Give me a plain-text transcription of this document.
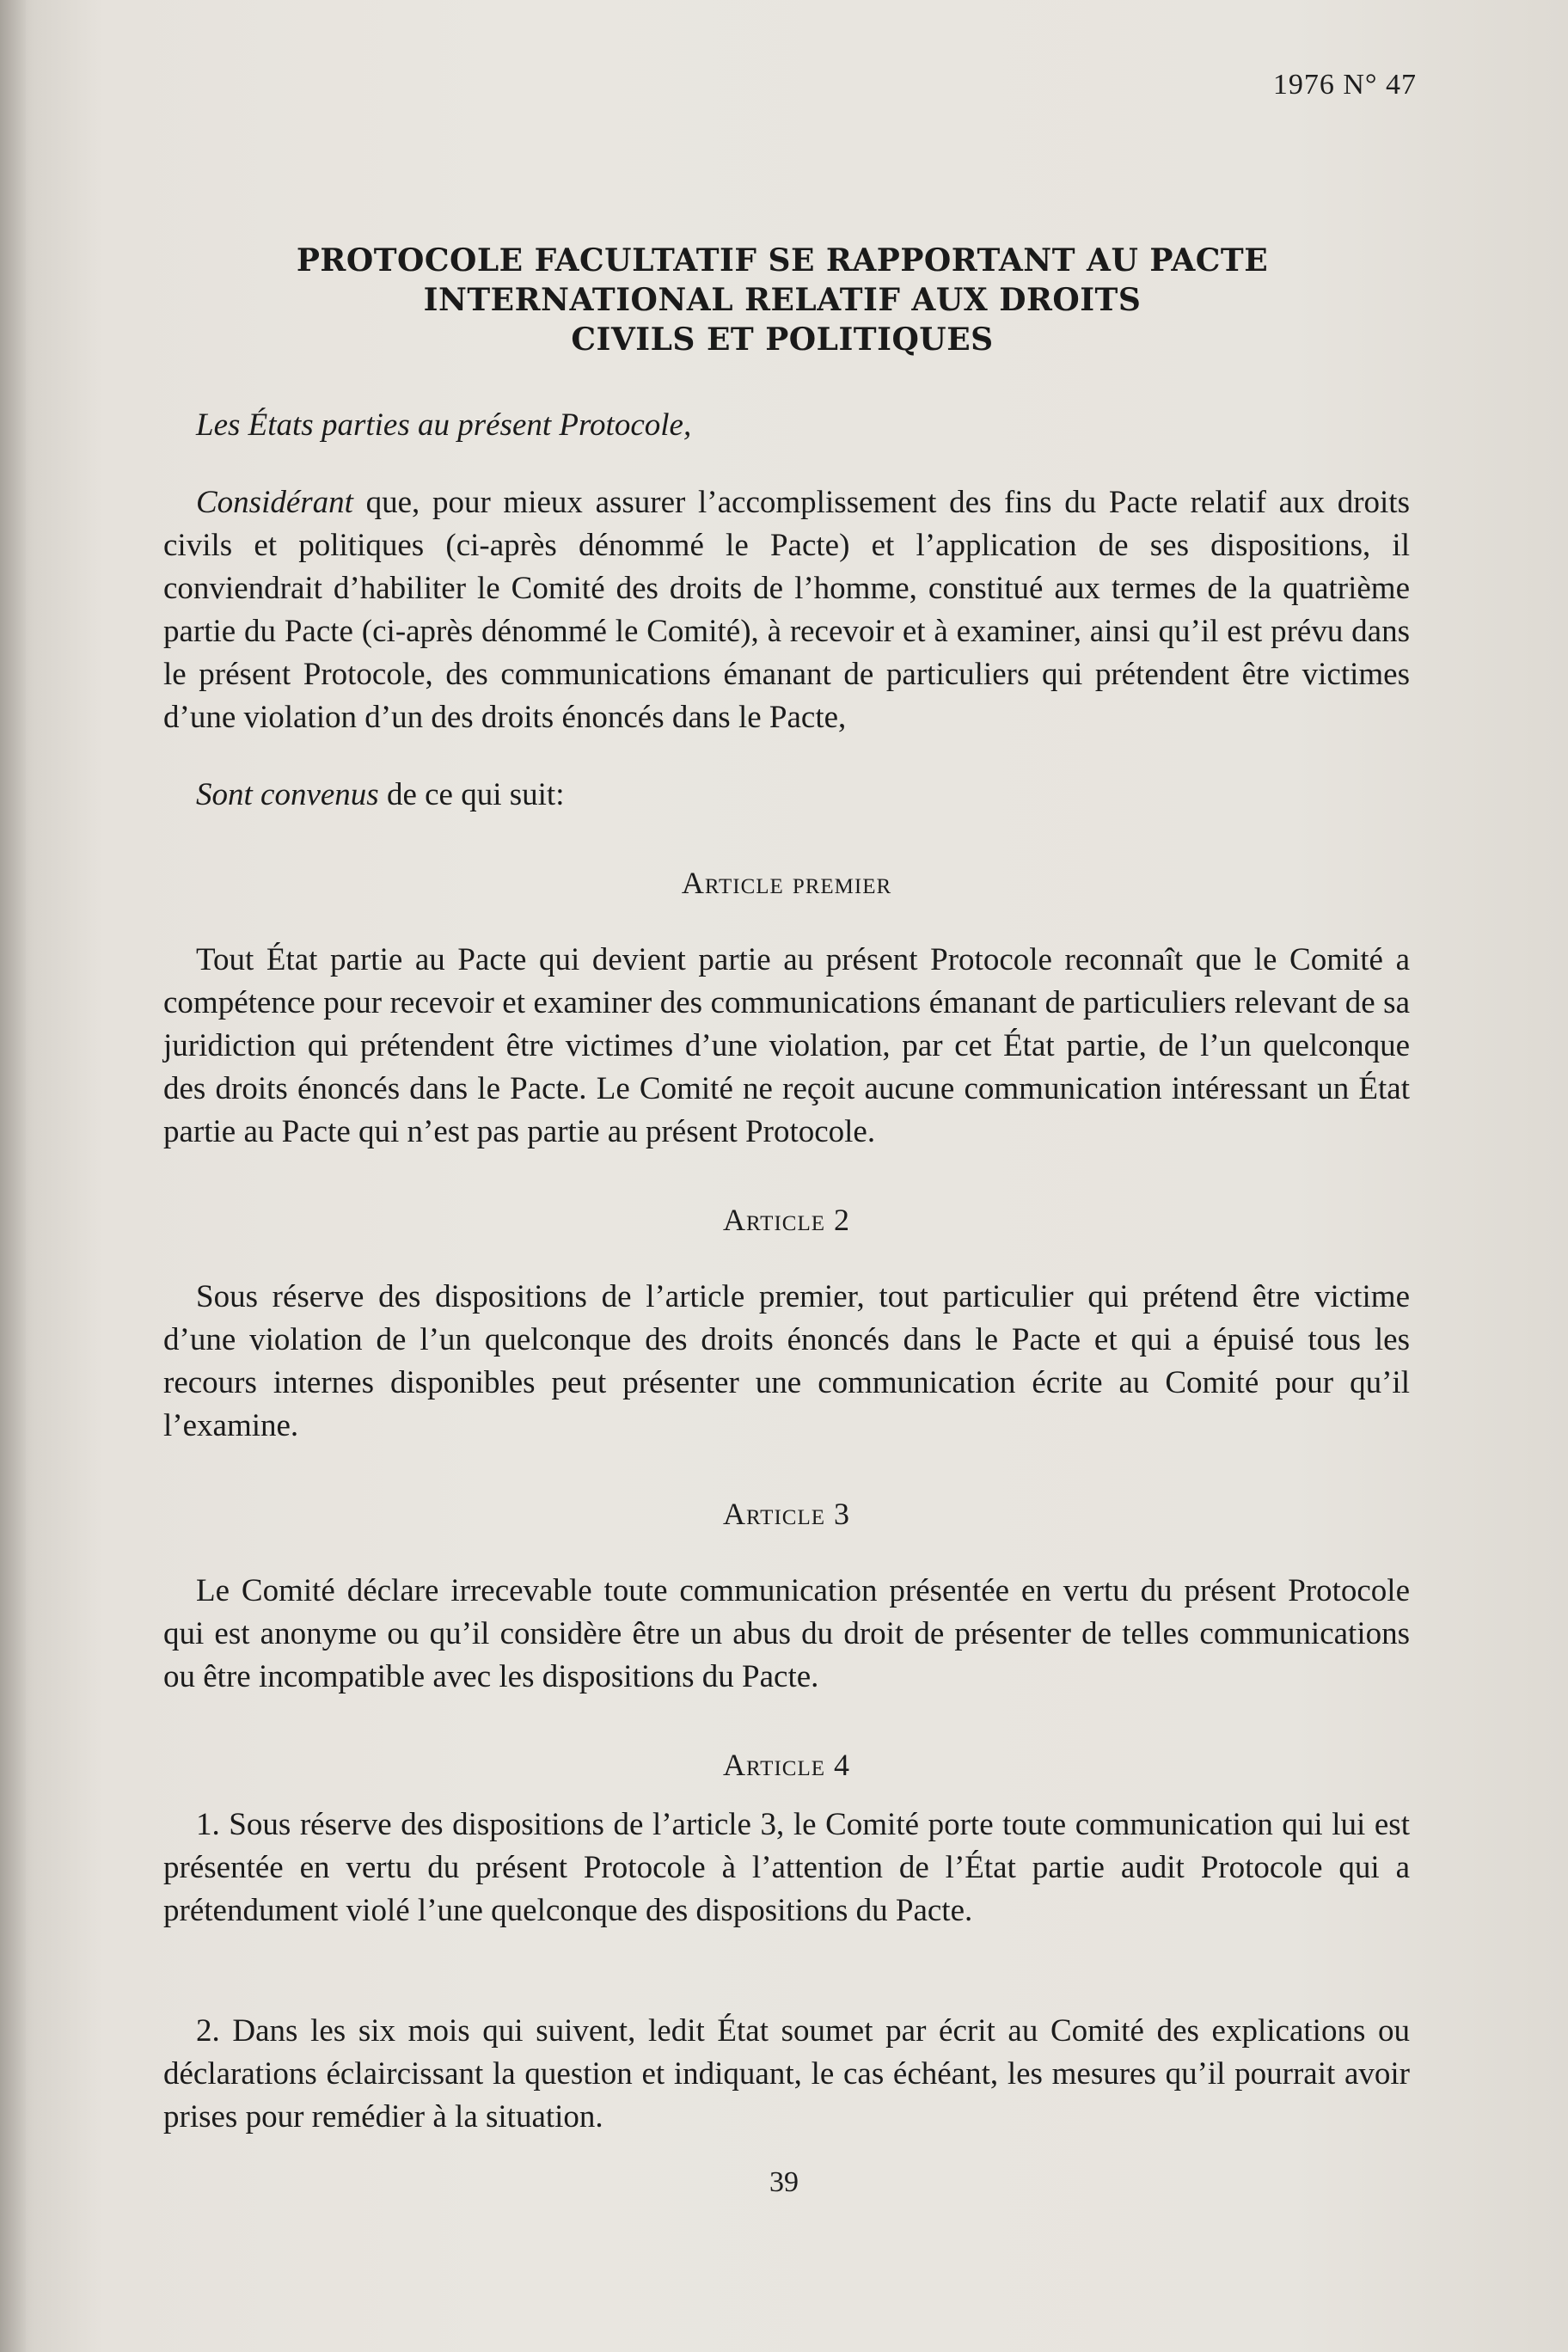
1976 N° 47
PROTOCOLE FACULTATIF SE RAPPORTANT AU PACTE
INTERNATIONAL RELATIF AUX DROITS
CIVILS ET POLITIQUES

Les États parties au présent Protocole,

Considérant que, pour mieux assurer l’accomplissement des fins du Pacte relatif aux droits civils et politiques (ci-après dénommé le Pacte) et l’application de ses dispositions, il conviendrait d’habiliter le Comité des droits de l’homme, constitué aux termes de la quatrième partie du Pacte (ci-après dénommé le Comité), à recevoir et à examiner, ainsi qu’il est prévu dans le présent Protocole, des communications émanant de particuliers qui prétendent être victimes d’une violation d’un des droits énoncés dans le Pacte,

Sont convenus de ce qui suit:

Article premier

Tout État partie au Pacte qui devient partie au présent Protocole reconnaît que le Comité a compétence pour recevoir et examiner des communications émanant de particuliers relevant de sa juridiction qui prétendent être victimes d’une violation, par cet État partie, de l’un quelconque des droits énoncés dans le Pacte. Le Comité ne reçoit aucune communication intéressant un État partie au Pacte qui n’est pas partie au présent Protocole.

Article 2

Sous réserve des dispositions de l’article premier, tout particulier qui prétend être victime d’une violation de l’un quelconque des droits énoncés dans le Pacte et qui a épuisé tous les recours internes disponibles peut présenter une communication écrite au Comité pour qu’il l’examine.

Article 3

Le Comité déclare irrecevable toute communication présentée en vertu du présent Protocole qui est anonyme ou qu’il considère être un abus du droit de présenter de telles communications ou être incompatible avec les dispositions du Pacte.

Article 4

1. Sous réserve des dispositions de l’article 3, le Comité porte toute communication qui lui est présentée en vertu du présent Protocole à l’attention de l’État partie audit Protocole qui a prétendument violé l’une quelconque des dispositions du Pacte.

2. Dans les six mois qui suivent, ledit État soumet par écrit au Comité des explications ou déclarations éclaircissant la question et indiquant, le cas échéant, les mesures qu’il pourrait avoir prises pour remédier à la situation.

39
